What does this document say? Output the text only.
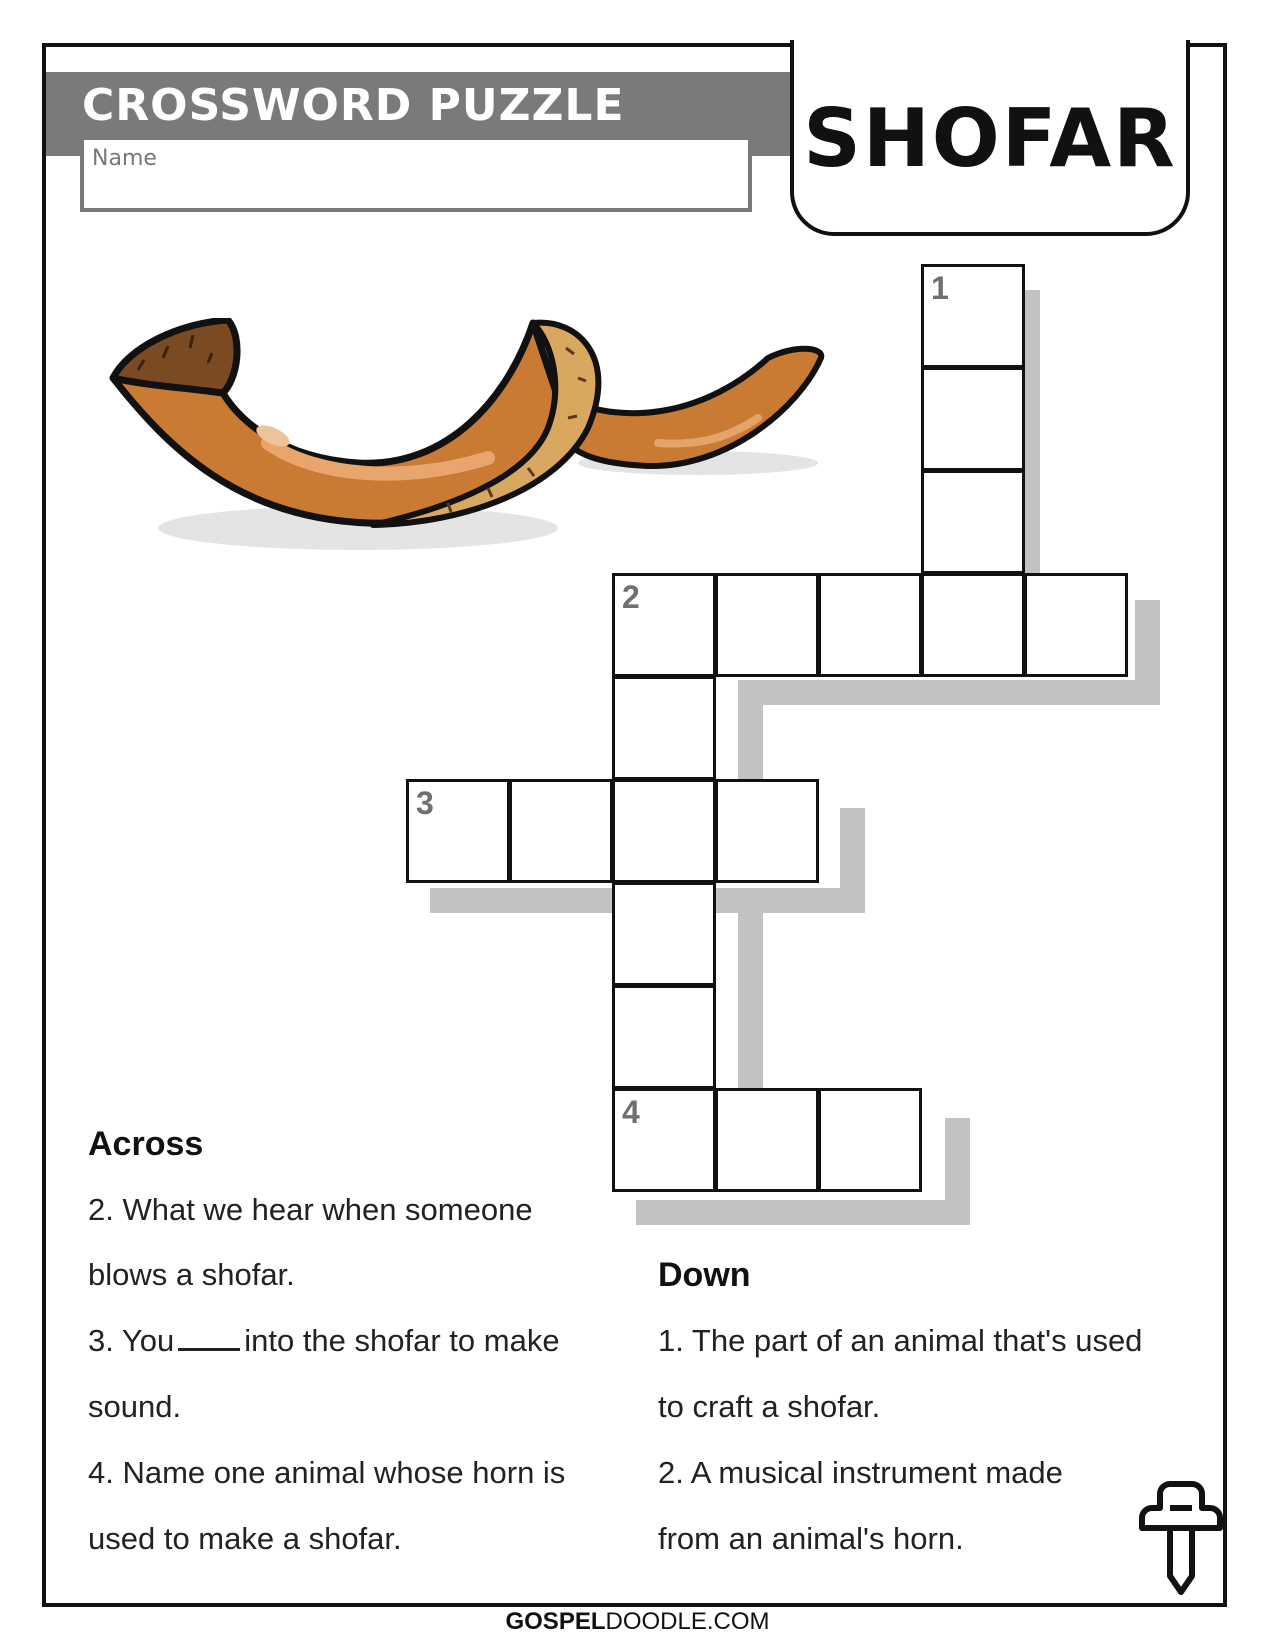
CROSSWORD PUZZLE
Name	SHOFAR
1
2
3
4
Across
2. What we hear when someone
blows a shofar.
3. You into the shofar to make
sound.
4. Name one animal whose horn is
used to make a shofar.
Down
1. The part of an animal that's used
to craft a shofar.
2. A musical instrument made
from an animal's horn.
GOSPELDOODLE.COM
